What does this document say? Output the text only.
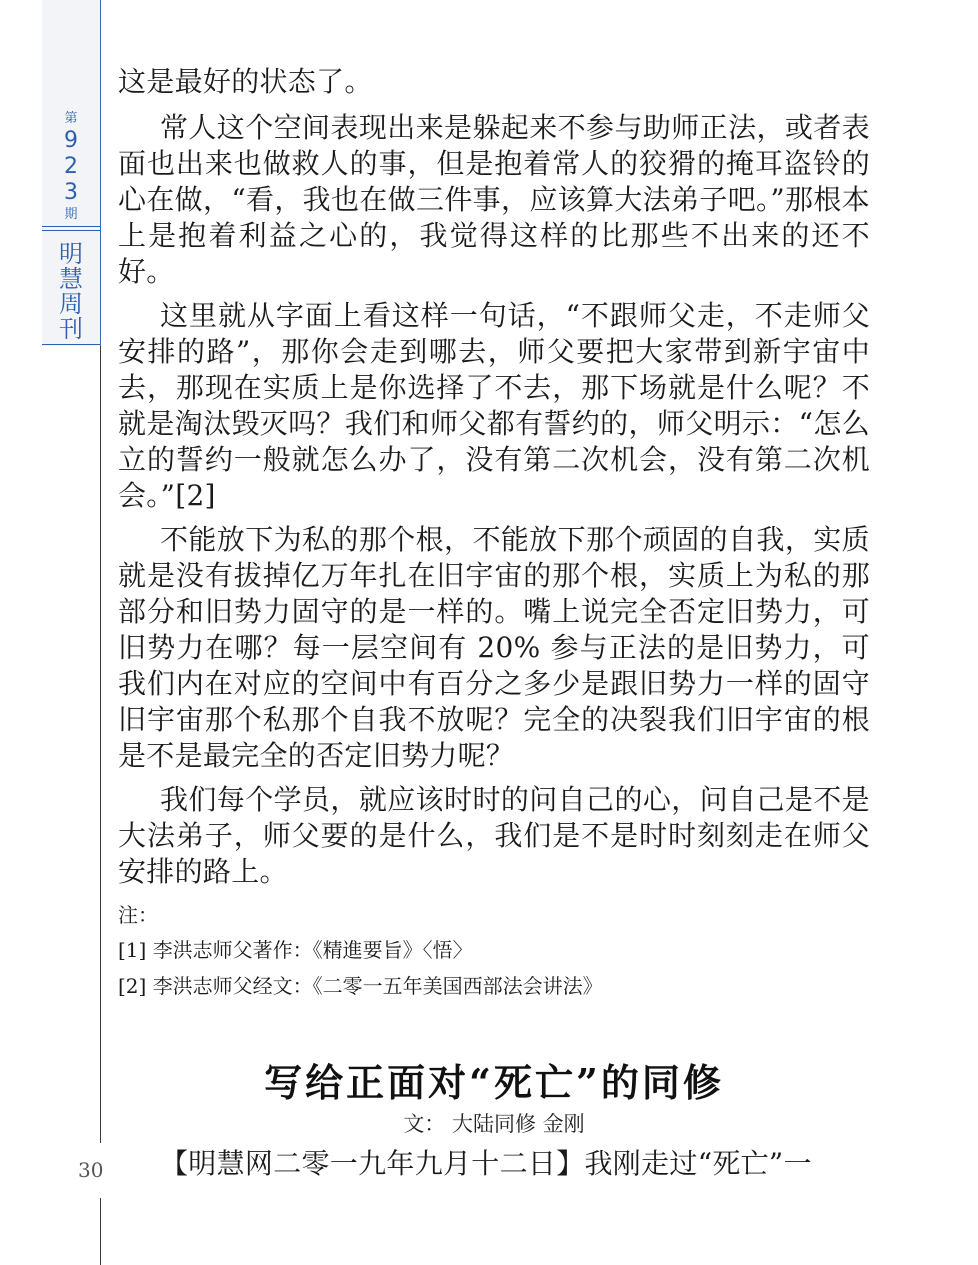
第
9
2
3
期
明
慧
周
刊
30

这是最好的状态了。

常人这个空间表现出来是躲起来不参与助师正法，或者表面也出来也做救人的事，但是抱着常人的狡猾的掩耳盗铃的心在做，“看，我也在做三件事，应该算大法弟子吧。”那根本上是抱着利益之心的，我觉得这样的比那些不出来的还不好。

这里就从字面上看这样一句话，“不跟师父走，不走师父安排的路”，那你会走到哪去，师父要把大家带到新宇宙中去，那现在实质上是你选择了不去，那下场就是什么呢？不就是淘汰毁灭吗？我们和师父都有誓约的，师父明示：“怎么立的誓约一般就怎么办了，没有第二次机会，没有第二次机会。”[2]

不能放下为私的那个根，不能放下那个顽固的自我，实质就是没有拔掉亿万年扎在旧宇宙的那个根，实质上为私的那部分和旧势力固守的是一样的。嘴上说完全否定旧势力，可旧势力在哪？每一层空间有 20% 参与正法的是旧势力，可我们内在对应的空间中有百分之多少是跟旧势力一样的固守旧宇宙那个私那个自我不放呢？完全的决裂我们旧宇宙的根是不是最完全的否定旧势力呢？

我们每个学员，就应该时时的问自己的心，问自己是不是大法弟子，师父要的是什么，我们是不是时时刻刻走在师父安排的路上。

注：
[1] 李洪志师父著作：《精進要旨》〈悟〉
[2] 李洪志师父经文：《二零一五年美国西部法会讲法》
写给正面对“死亡”的同修
文： 大陆同修 金刚

【明慧网二零一九年九月十二日】我刚走过“死亡”一
